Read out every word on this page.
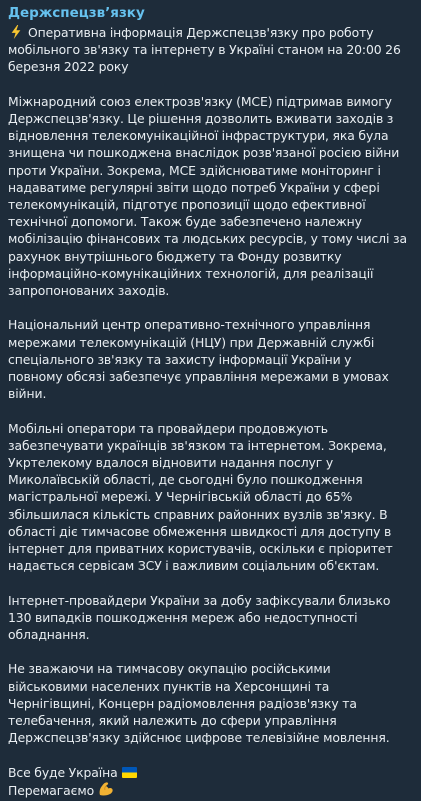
Держспецзв’язку

Оперативна інформація Держспецзв'язку про роботу мобільного зв'язку та інтернету в Україні станом на 20:00 26 березня 2022 року

Міжнародний союз електрозв'язку (МСЕ) підтримав вимогу Держспецзв'язку. Це рішення дозволить вживати заходів з відновлення телекомунікаційної інфраструктури, яка була знищена чи пошкоджена внаслідок розв'язаної росією війни проти України. Зокрема, МСЕ здійснюватиме моніторинг і надаватиме регулярні звіти щодо потреб України у сфері телекомунікацій, підготує пропозиції щодо ефективної технічної допомоги. Також буде забезпечено належну мобілізацію фінансових та людських ресурсів, у тому числі за рахунок внутрішнього бюджету та Фонду розвитку інформаційно-комунікаційних технологій, для реалізації запропонованих заходів.

Національний центр оперативно-технічного управління мережами телекомунікацій (НЦУ) при Державній службі спеціального зв'язку та захисту інформації України у повному обсязі забезпечує управління мережами в умовах війни.

Мобільні оператори та провайдери продовжують забезпечувати українців зв'язком та інтернетом. Зокрема, Укртелекому вдалося відновити надання послуг у Миколаївській області, де сьогодні було пошкодження магістральної мережі. У Чернігівській області до 65% збільшилася кількість справних районних вузлів зв'язку. В області діє тимчасове обмеження швидкості для доступу в інтернет для приватних користувачів, оскільки є пріоритет надається сервісам ЗСУ і важливим соціальним об'єктам.

Інтернет-провайдери України за добу зафіксували близько 130 випадків пошкодження мереж або недоступності обладнання.

Не зважаючи на тимчасову окупацію російськими військовими населених пунктів на Херсонщині та Чернігівщині, Концерн радіомовлення радіозв'язку та телебачення, який належить до сфери управління Держспецзв'язку здійснює цифрове телевізійне мовлення.

Все буде Україна

Перемагаємо
